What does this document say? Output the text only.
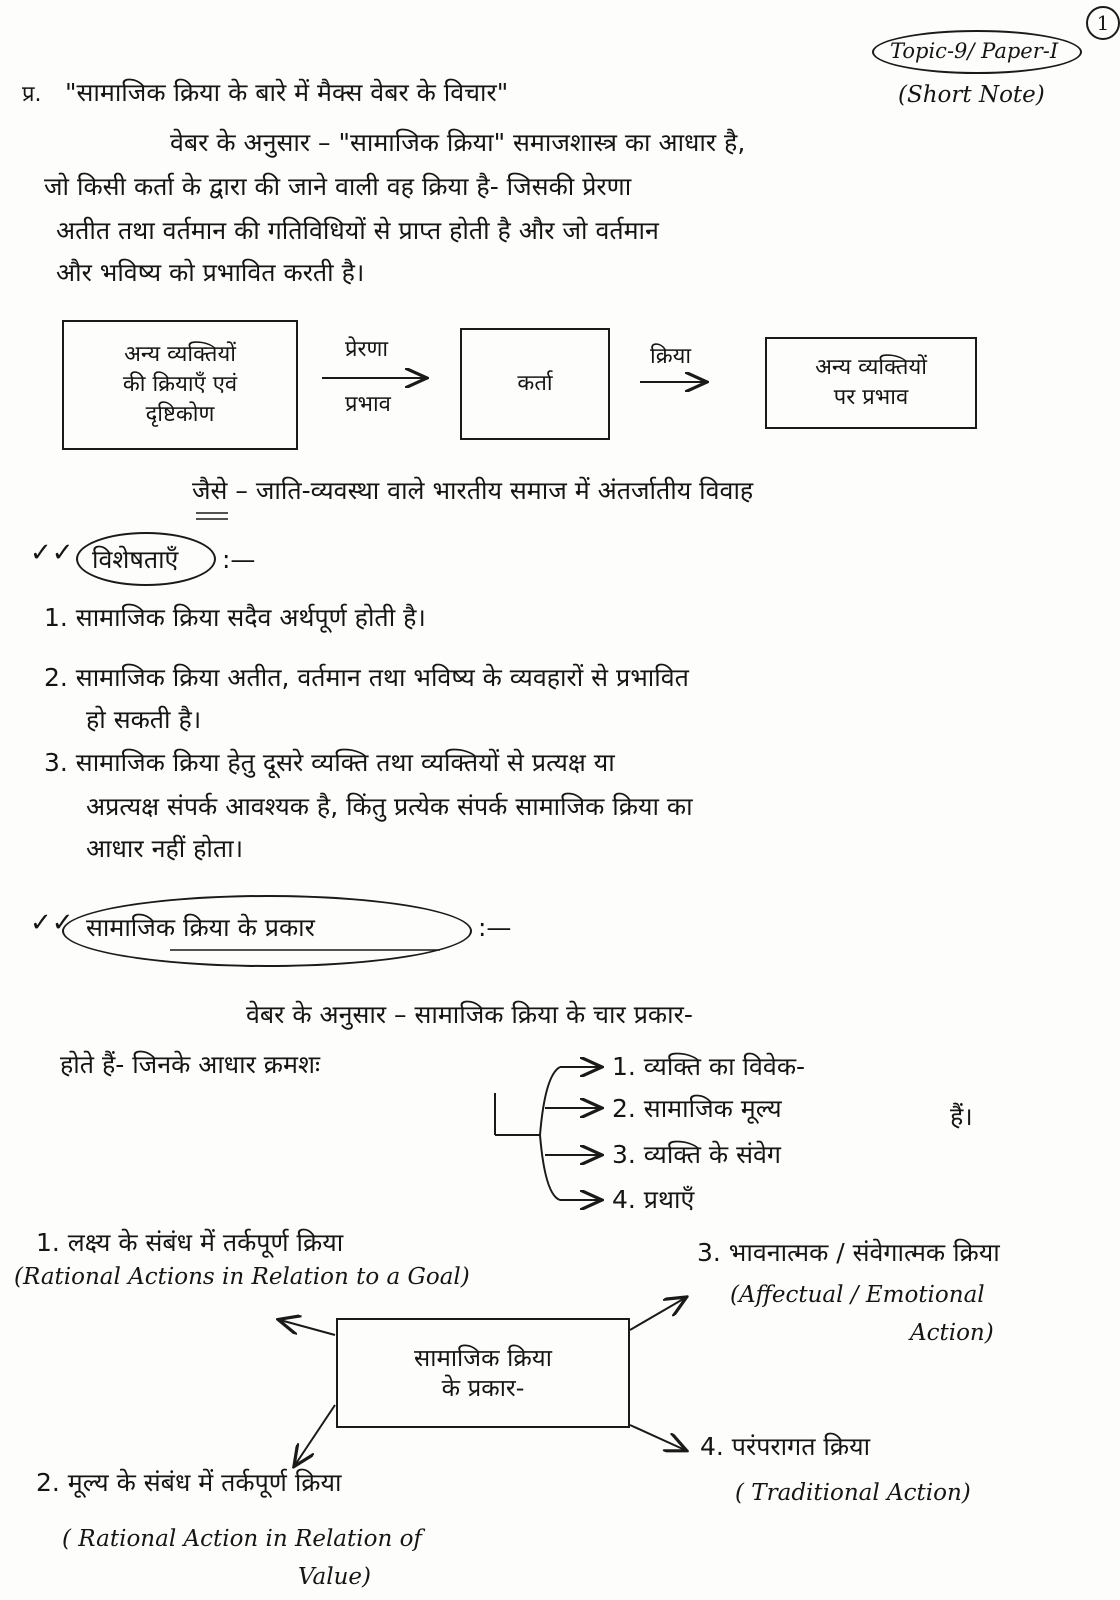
1
Topic-9/ Paper-I
प्र. "सामाजिक क्रिया के बारे में मैक्स वेबर के विचार"	(Short Note)
वेबर के अनुसार – "सामाजिक क्रिया" समाजशास्त्र का आधार है,
जो किसी कर्ता के द्वारा की जाने वाली वह क्रिया है- जिसकी प्रेरणा
अतीत तथा वर्तमान की गतिविधियों से प्राप्त होती है और जो वर्तमान
और भविष्य को प्रभावित करती है।
अन्य व्यक्तियों
की क्रियाएँ एवं
दृष्टिकोण
प्रेरणा
प्रभाव
कर्ता
क्रिया	अन्य व्यक्तियों
पर प्रभाव
जैसे – जाति-व्यवस्था वाले भारतीय समाज में अंतर्जातीय विवाह
✓✓ विशेषताएँ :—
1. सामाजिक क्रिया सदैव अर्थपूर्ण होती है।
2. सामाजिक क्रिया अतीत, वर्तमान तथा भविष्य के व्यवहारों से प्रभावित
हो सकती है।
3. सामाजिक क्रिया हेतु दूसरे व्यक्ति तथा व्यक्तियों से प्रत्यक्ष या
अप्रत्यक्ष संपर्क आवश्यक है, किंतु प्रत्येक संपर्क सामाजिक क्रिया का
आधार नहीं होता।
✓✓ सामाजिक क्रिया के प्रकार	:—
वेबर के अनुसार – सामाजिक क्रिया के चार प्रकार-
होते हैं- जिनके आधार क्रमशः	1. व्यक्ति का विवेक-
2. सामाजिक मूल्य
3. व्यक्ति के संवेग
4. प्रथाएँ
हैं।
1. लक्ष्य के संबंध में तर्कपूर्ण क्रिया
(Rational Actions in Relation to a Goal)
3. भावनात्मक / संवेगात्मक क्रिया
(Affectual / Emotional
Action)
सामाजिक क्रिया
के प्रकार-
4. परंपरागत क्रिया
( Traditional Action)
2. मूल्य के संबंध में तर्कपूर्ण क्रिया
( Rational Action in Relation of
Value)
